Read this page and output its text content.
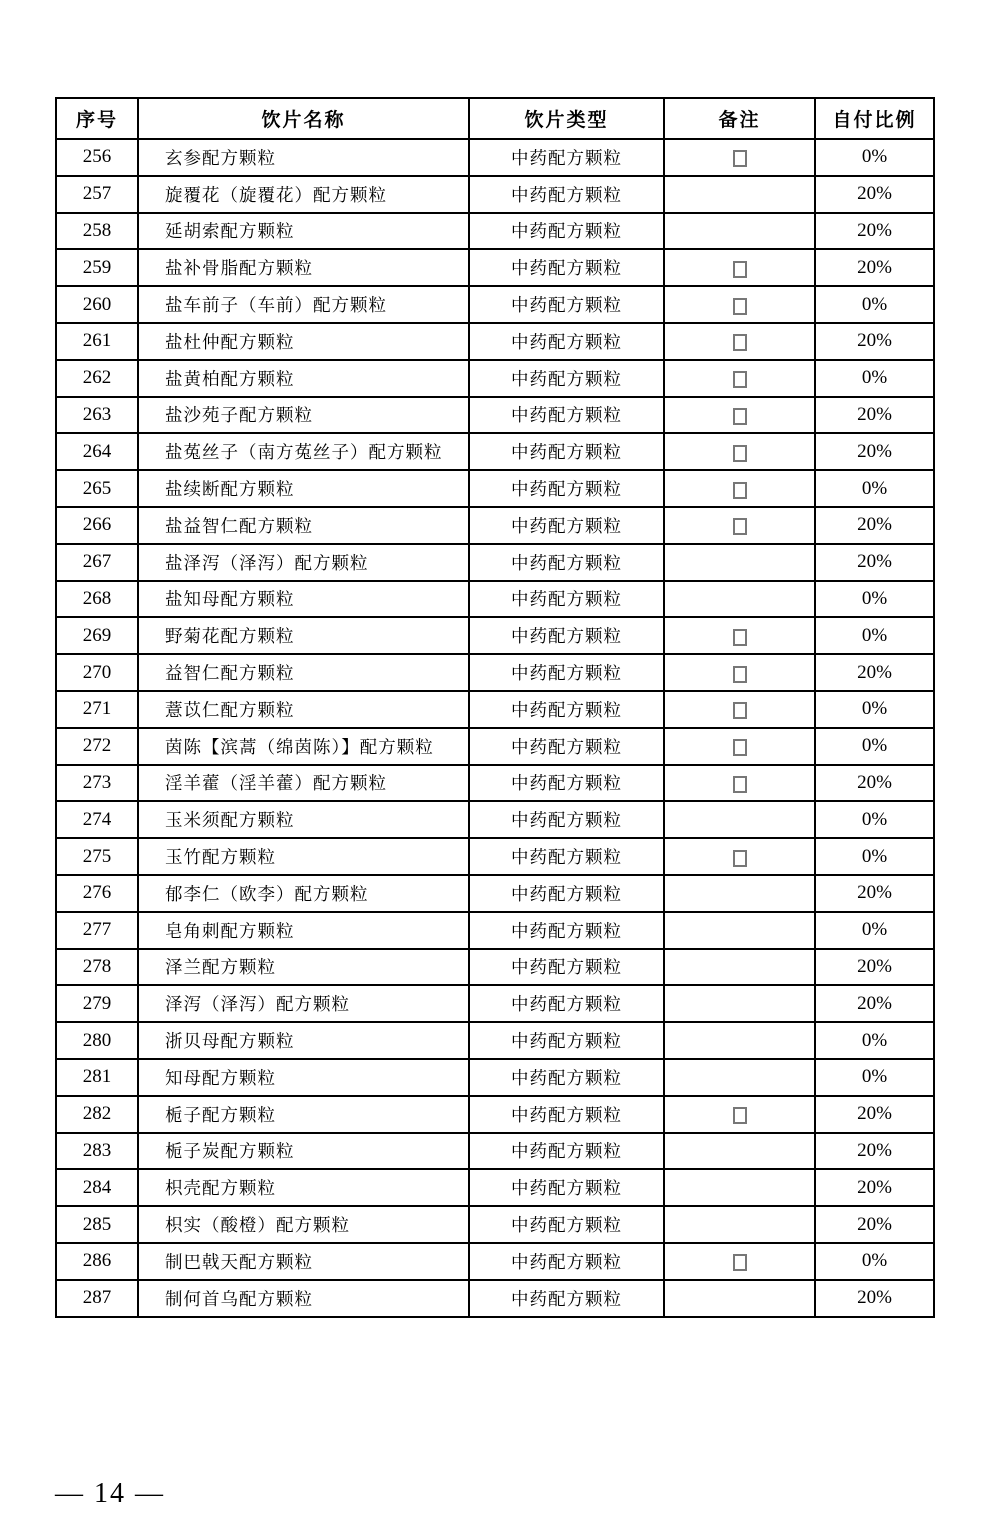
序号	饮片名称	饮片类型	备注	自付比例
256	玄参配方颗粒	中药配方颗粒		0%
257	旋覆花（旋覆花）配方颗粒	中药配方颗粒		20%
258	延胡索配方颗粒	中药配方颗粒		20%
259	盐补骨脂配方颗粒	中药配方颗粒		20%
260	盐车前子（车前）配方颗粒	中药配方颗粒		0%
261	盐杜仲配方颗粒	中药配方颗粒		20%
262	盐黄柏配方颗粒	中药配方颗粒		0%
263	盐沙苑子配方颗粒	中药配方颗粒		20%
264	盐菟丝子（南方菟丝子）配方颗粒	中药配方颗粒		20%
265	盐续断配方颗粒	中药配方颗粒		0%
266	盐益智仁配方颗粒	中药配方颗粒		20%
267	盐泽泻（泽泻）配方颗粒	中药配方颗粒		20%
268	盐知母配方颗粒	中药配方颗粒		0%
269	野菊花配方颗粒	中药配方颗粒		0%
270	益智仁配方颗粒	中药配方颗粒		20%
271	薏苡仁配方颗粒	中药配方颗粒		0%
272	茵陈【滨蒿（绵茵陈）】配方颗粒	中药配方颗粒		0%
273	淫羊藿（淫羊藿）配方颗粒	中药配方颗粒		20%
274	玉米须配方颗粒	中药配方颗粒		0%
275	玉竹配方颗粒	中药配方颗粒		0%
276	郁李仁（欧李）配方颗粒	中药配方颗粒		20%
277	皂角刺配方颗粒	中药配方颗粒		0%
278	泽兰配方颗粒	中药配方颗粒		20%
279	泽泻（泽泻）配方颗粒	中药配方颗粒		20%
280	浙贝母配方颗粒	中药配方颗粒		0%
281	知母配方颗粒	中药配方颗粒		0%
282	栀子配方颗粒	中药配方颗粒		20%
283	栀子炭配方颗粒	中药配方颗粒		20%
284	枳壳配方颗粒	中药配方颗粒		20%
285	枳实（酸橙）配方颗粒	中药配方颗粒		20%
286	制巴戟天配方颗粒	中药配方颗粒		0%
287	制何首乌配方颗粒	中药配方颗粒		20%
— 14 —
